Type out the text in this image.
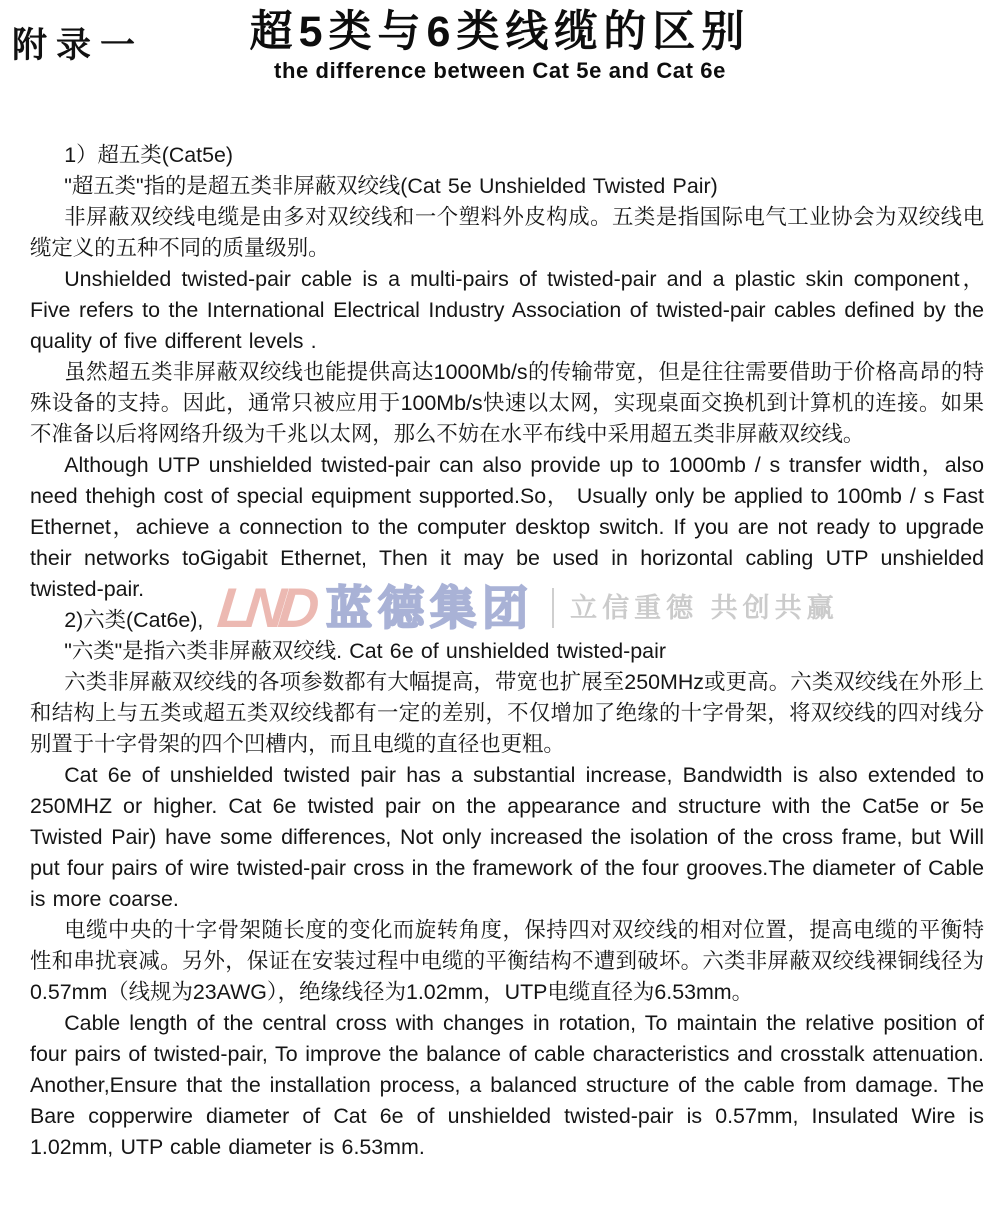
附录一	超5类与6类线缆的区别
the difference between Cat 5e and Cat 6e
LND 蓝德集团 立信重德 共创共赢

1）超五类(Cat5e)

"超五类"指的是超五类非屏蔽双绞线(Cat 5e Unshielded Twisted Pair)

非屏蔽双绞线电缆是由多对双绞线和一个塑料外皮构成。五类是指国际电气工业协会为双绞线电缆定义的五种不同的质量级别。

Unshielded twisted-pair cable is a multi-pairs of twisted-pair and a plastic skin component，Five refers to the International Electrical Industry Association of twisted-pair cables defined by the quality of five different levels .

虽然超五类非屏蔽双绞线也能提供高达1000Mb/s的传输带宽，但是往往需要借助于价格高昂的特殊设备的支持。因此，通常只被应用于100Mb/s快速以太网，实现桌面交换机到计算机的连接。如果不准备以后将网络升级为千兆以太网，那么不妨在水平布线中采用超五类非屏蔽双绞线。

Although UTP unshielded twisted-pair can also provide up to 1000mb / s transfer width，also need thehigh cost of special equipment supported.So， Usually only be applied to 100mb / s Fast Ethernet，achieve a connection to the computer desktop switch. If you are not ready to upgrade their networks toGigabit Ethernet, Then it may be used in horizontal cabling UTP unshielded twisted-pair.

2)六类(Cat6e),

"六类"是指六类非屏蔽双绞线. Cat 6e of unshielded twisted-pair

六类非屏蔽双绞线的各项参数都有大幅提高，带宽也扩展至250MHz或更高。六类双绞线在外形上和结构上与五类或超五类双绞线都有一定的差别，不仅增加了绝缘的十字骨架，将双绞线的四对线分别置于十字骨架的四个凹槽内，而且电缆的直径也更粗。

Cat 6e of unshielded twisted pair has a substantial increase, Bandwidth is also extended to 250MHZ or higher. Cat 6e twisted pair on the appearance and structure with the Cat5e or 5e Twisted Pair) have some differences, Not only increased the isolation of the cross frame, but Will put four pairs of wire twisted-pair cross in the framework of the four grooves.The diameter of Cable is more coarse.

电缆中央的十字骨架随长度的变化而旋转角度，保持四对双绞线的相对位置，提高电缆的平衡特性和串扰衰减。另外，保证在安装过程中电缆的平衡结构不遭到破坏。六类非屏蔽双绞线裸铜线径为0.57mm（线规为23AWG），绝缘线径为1.02mm，UTP电缆直径为6.53mm。

Cable length of the central cross with changes in rotation, To maintain the relative position of four pairs of twisted-pair, To improve the balance of cable characteristics and crosstalk attenuation. Another,Ensure that the installation process, a balanced structure of the cable from damage. The Bare copperwire diameter of Cat 6e of unshielded twisted-pair is 0.57mm, Insulated Wire is 1.02mm, UTP cable diameter is 6.53mm.
